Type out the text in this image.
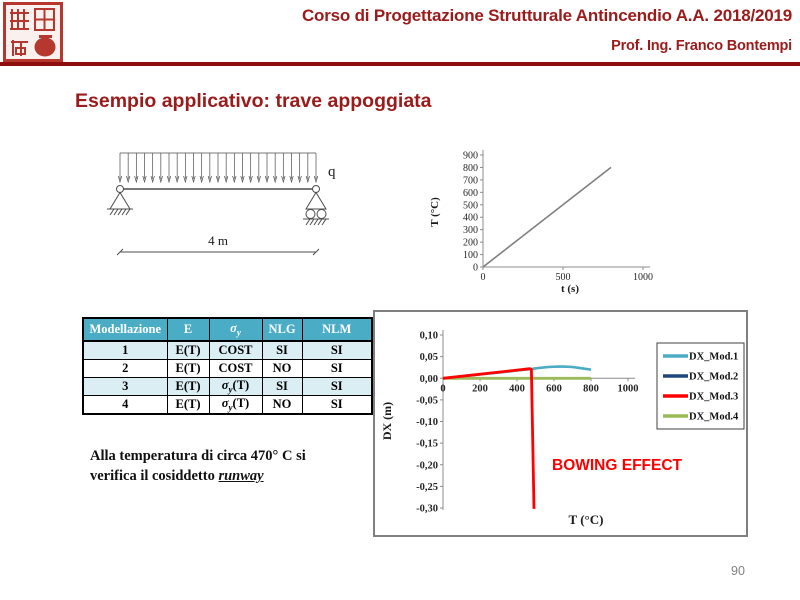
Corso di Progettazione Strutturale Antincendio A.A. 2018/2019
Prof. Ing. Franco Bontempi
Esempio applicativo: trave appoggiata
q
4 m
0	500	1000
0
100
200
300
400
500
600
700
800
900
t (s)
T (°C)
Modellazione	E	$\sigma_y$	NLG	NLM
1	E(T)	COST	SI	SI
2	E(T)	COST	NO	SI
3	E(T)	$\sigma_y(T)$	SI	SI
4	E(T)	$\sigma_y(T)$	NO	SI
0	200 400 600 800 1000
0,10
0,05
0,00
-0,05
-0,10
-0,15
-0,20
-0,25
-0,30
T (°C)
DX (m)
DX_Mod.1
DX_Mod.2
DX_Mod.3
DX_Mod.4
BOWING EFFECT
Alla temperatura di circa 470° C si
verifica il cosiddetto runway
90
